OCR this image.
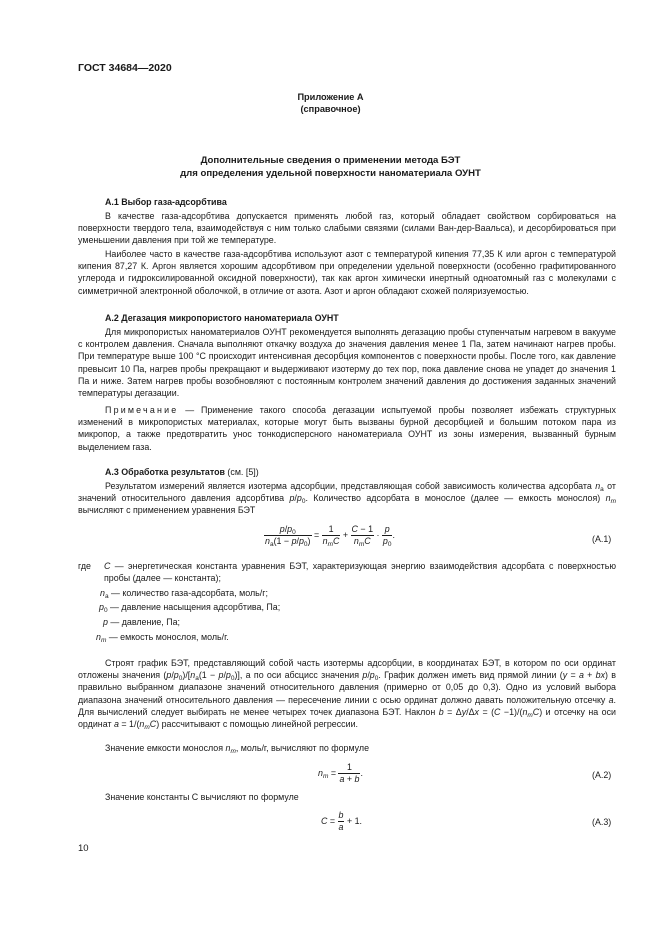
ГОСТ 34684—2020
Приложение А
(справочное)
Дополнительные сведения о применении метода БЭТ
для определения удельной поверхности наноматериала ОУНТ
А.1 Выбор газа-адсорбтива
В качестве газа-адсорбтива допускается применять любой газ, который обладает свойством сорбироваться на поверхности твердого тела, взаимодействуя с ним только слабыми связями (силами Ван-дер-Ваальса), и десорбироваться при уменьшении давления при той же температуре.
Наиболее часто в качестве газа-адсорбтива используют азот с температурой кипения 77,35 К или аргон с температурой кипения 87,27 К. Аргон является хорошим адсорбтивом при определении удельной поверхности (особенно графитированного углерода и гидроксилированной оксидной поверхности), так как аргон химически инертный одноатомный газ с молекулами с симметричной электронной оболочкой, в отличие от азота. Азот и аргон обладают схожей поляризуемостью.
А.2 Дегазация микропористого наноматериала ОУНТ
Для микропористых наноматериалов ОУНТ рекомендуется выполнять дегазацию пробы ступенчатым нагревом в вакууме с контролем давления. Сначала выполняют откачку воздуха до значения давления менее 1 Па, затем начинают нагрев пробы. При температуре выше 100 °С происходит интенсивная десорбция компонентов с поверхности пробы. После того, как давление превысит 10 Па, нагрев пробы прекращают и выдерживают изотерму до тех пор, пока давление снова не упадет до значения 1 Па и ниже. Затем нагрев пробы возобновляют с постоянным контролем значений давления до достижения заданных значений температуры дегазации.
Примечание — Применение такого способа дегазации испытуемой пробы позволяет избежать структурных изменений в микропористых материалах, которые могут быть вызваны бурной десорбцией и большим потоком пара из микропор, а также предотвратить унос тонкодисперсного наноматериала ОУНТ из зоны измерения, вызванный бурным выделением газа.
А.3 Обработка результатов (см. [5])
Результатом измерений является изотерма адсорбции, представляющая собой зависимость количества адсорбата $n_a$ от значений относительного давления адсорбтива $p/p_0$. Количество адсорбата в монослое (далее — емкость монослоя) $n_m$ вычисляют с применением уравнения БЭТ
$\frac{p/p_0}{n_a(1 - p/p_0)} = \frac{1}{n_mC} + \frac{C - 1}{n_mC} \cdot \frac{p}{p_0}$ .	(А.1)
где C — энергетическая константа уравнения БЭТ, характеризующая энергию взаимодействия адсорбата с поверхностью пробы (далее — константа);
$n_a$ — количество газа-адсорбата, моль/г;
$p_0$ — давление насыщения адсорбтива, Па;
p — давление, Па;
$n_m$ — емкость монослоя, моль/г.
Строят график БЭТ, представляющий собой часть изотермы адсорбции, в координатах БЭТ, в котором по оси ординат отложены значения $(p/p_0)/[n_a(1 - p/p_0)]$, а по оси абсцисс значения $p/p_0$. График должен иметь вид прямой линии (y = a + bx) в правильно выбранном диапазоне значений относительного давления (примерно от 0,05 до 0,3). Одно из условий выбора диапазона значений относительного давления — пересечение линии с осью ординат должно давать положительную отсечку a. Для вычислений следует выбирать не менее четырех точек диапазона БЭТ. Наклон $b = \Delta y/\Delta x = (C -1)/(n_mC)$ и отсечку на оси ординат $a = 1/(n_mC)$ рассчитывают с помощью линейной регрессии.
Значение емкости монослоя $n_m$, моль/г, вычисляют по формуле
$n_m = \frac{1}{a + b}$ .	(А.2)
Значение константы C вычисляют по формуле
$C = \frac{b}{a} + 1$.	(А.3)
10
